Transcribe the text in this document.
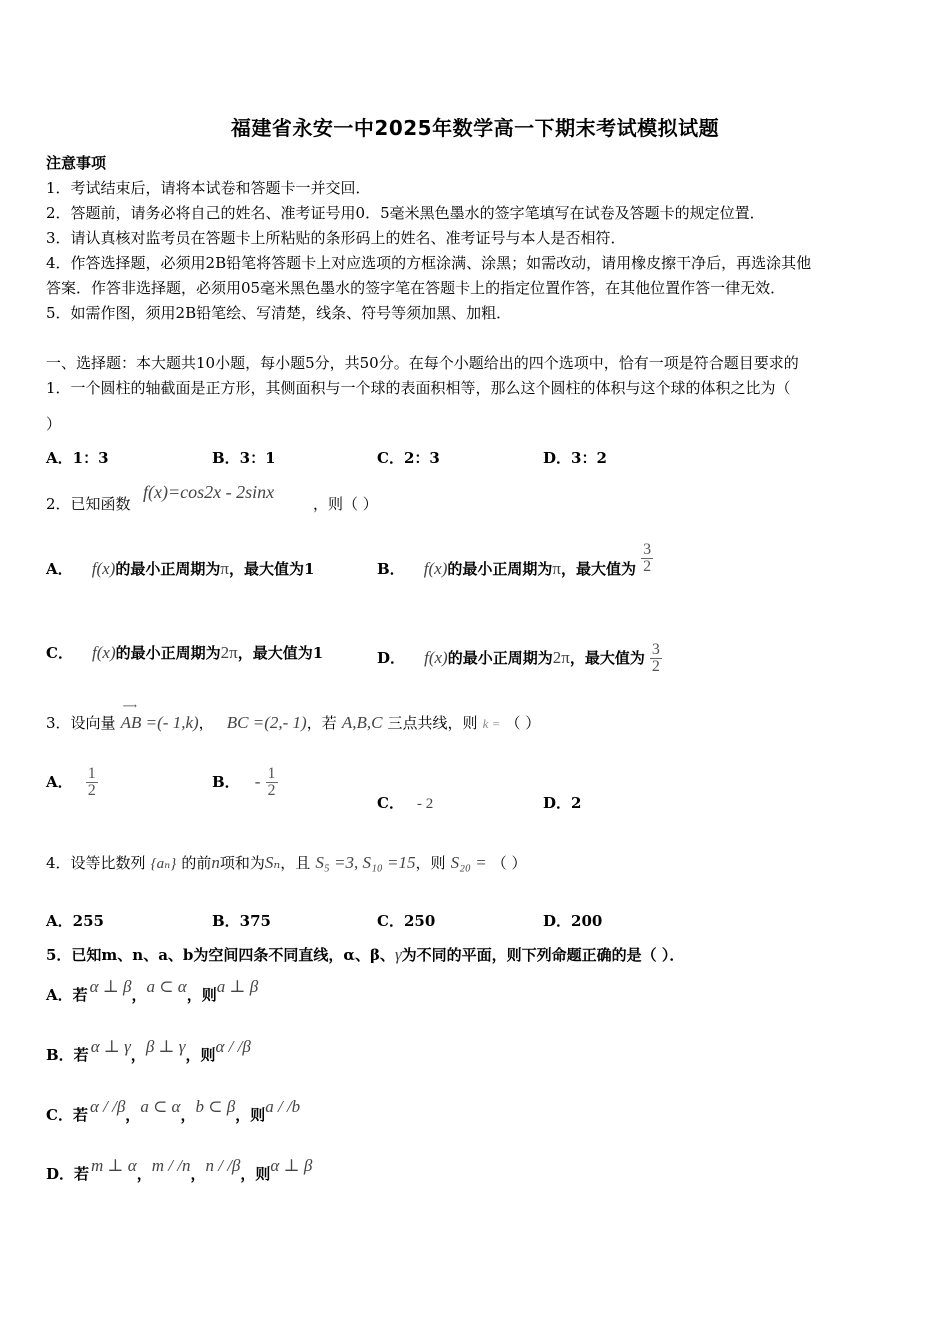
福建省永安一中2025年数学高一下期末考试模拟试题
注意事项
1．考试结束后，请将本试卷和答题卡一并交回．
2．答题前，请务必将自己的姓名、准考证号用0．5毫米黑色墨水的签字笔填写在试卷及答题卡的规定位置．
3．请认真核对监考员在答题卡上所粘贴的条形码上的姓名、准考证号与本人是否相符．
4．作答选择题，必须用2B铅笔将答题卡上对应选项的方框涂满、涂黑；如需改动，请用橡皮擦干净后，再选涂其他
答案．作答非选择题，必须用05毫米黑色墨水的签字笔在答题卡上的指定位置作答，在其他位置作答一律无效．
5．如需作图，须用2B铅笔绘、写清楚，线条、符号等须加黑、加粗．
一、选择题：本大题共10小题，每小题5分，共50分。在每个小题给出的四个选项中，恰有一项是符合题目要求的
1．一个圆柱的轴截面是正方形，其侧面积与一个球的表面积相等，那么这个圆柱的体积与这个球的体积之比为（
）
A．1：3	B．3：1	C．2：3	D．3：2
2．已知函数
f(x)=cos2x - 2sinx
，则（ ）
A． f(x)的最小正周期为π，最大值为1	B． f(x)的最小正周期为π，最大值为 $\frac{3}{2}$
C． f(x)的最小正周期为2π，最大值为1	D． f(x)的最小正周期为2π，最大值为 $\frac{3}{2}$
3．设向量
⟶
AB =(- 1,k)， BC =(2,- 1)，若 A,B,C 三点共线，则 k = （ ）
A． $\frac{1}{2}$	B． - $\frac{1}{2}$
C． - 2	D．2
4．设等比数列 {aₙ} 的前n项和为Sₙ，且 S₅ =3, S₁₀ =15，则 S₂₀ = （ ）
A．255	B．375	C．250	D．200
5．已知m、n、a、b为空间四条不同直线，α、β、γ为不同的平面，则下列命题正确的是（ ）．
A．若 α ⊥ β，a ⊂ α，则a ⊥ β
B．若 α ⊥ γ，β ⊥ γ，则α / /β
C．若 α / /β，a ⊂ α，b ⊂ β，则a / /b
D．若 m ⊥ α，m / /n，n / /β，则α ⊥ β
